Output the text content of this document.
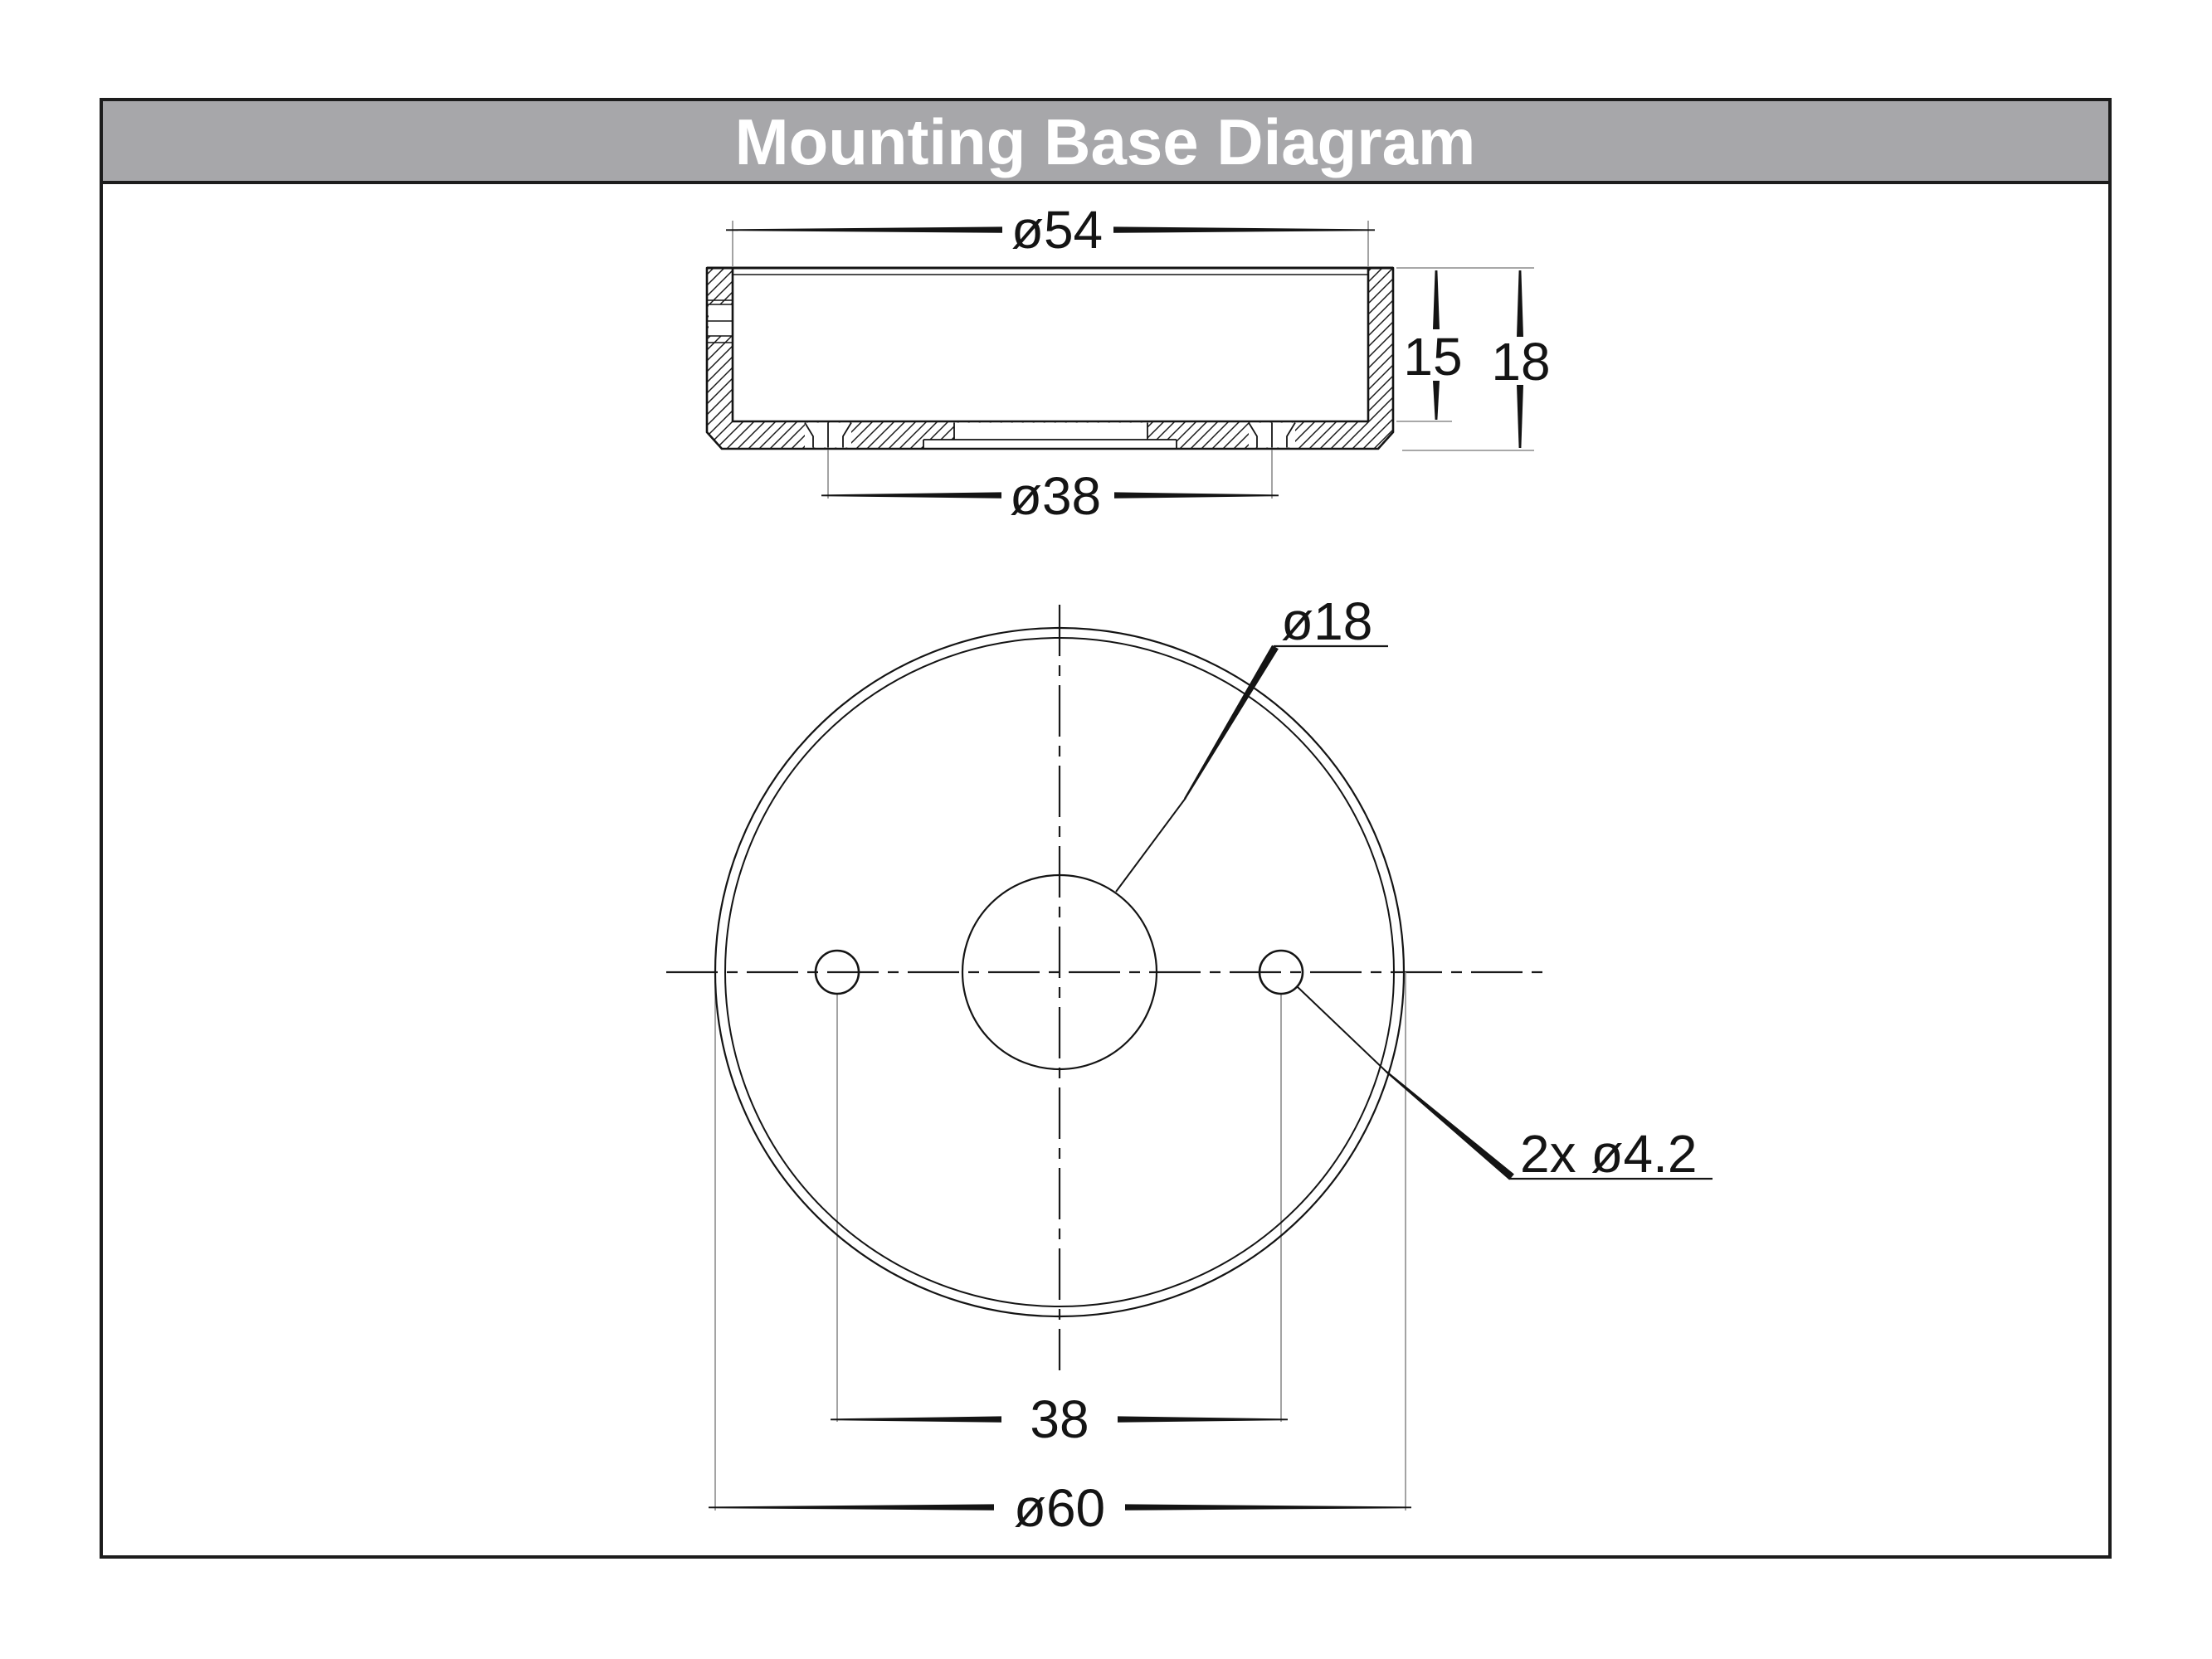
Mounting Base Diagram
ø54
ø38
15 18
ø18
2x ø4.2
38
ø60
